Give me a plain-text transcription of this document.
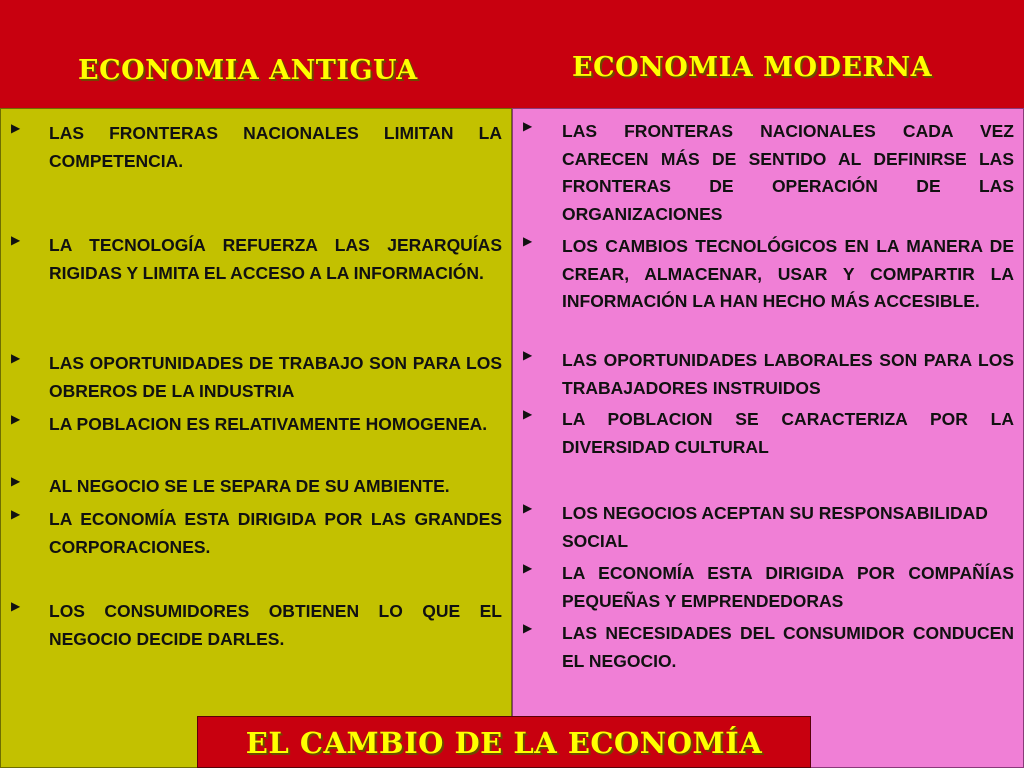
ECONOMIA ANTIGUA	ECONOMIA MODERNA
▶ LAS FRONTERAS NACIONALES LIMITAN LA COMPETENCIA.
▶ LA TECNOLOGÍA REFUERZA LAS JERARQUÍAS RIGIDAS Y LIMITA EL ACCESO A LA INFORMACIÓN.
▶ LAS OPORTUNIDADES DE TRABAJO SON PARA LOS OBREROS DE LA INDUSTRIA
▶ LA POBLACION ES RELATIVAMENTE HOMOGENEA.
▶ AL NEGOCIO SE LE SEPARA DE SU AMBIENTE.
▶ LA ECONOMÍA ESTA DIRIGIDA POR LAS GRANDES CORPORACIONES.
▶ LOS CONSUMIDORES OBTIENEN LO QUE EL NEGOCIO DECIDE DARLES.
▶ LAS FRONTERAS NACIONALES CADA VEZ CARECEN MÁS DE SENTIDO AL DEFINIRSE LAS FRONTERAS DE OPERACIÓN DE LAS ORGANIZACIONES
▶ LOS CAMBIOS TECNOLÓGICOS EN LA MANERA DE CREAR, ALMACENAR, USAR Y COMPARTIR LA INFORMACIÓN LA HAN HECHO MÁS ACCESIBLE.
▶ LAS OPORTUNIDADES LABORALES SON PARA LOS TRABAJADORES INSTRUIDOS
▶ LA POBLACION SE CARACTERIZA POR LA DIVERSIDAD CULTURAL
▶ LOS NEGOCIOS ACEPTAN SU RESPONSABILIDAD SOCIAL
▶ LA ECONOMÍA ESTA DIRIGIDA POR COMPAÑÍAS PEQUEÑAS Y EMPRENDEDORAS
▶ LAS NECESIDADES DEL CONSUMIDOR CONDUCEN EL NEGOCIO.
EL CAMBIO DE LA ECONOMÍA
